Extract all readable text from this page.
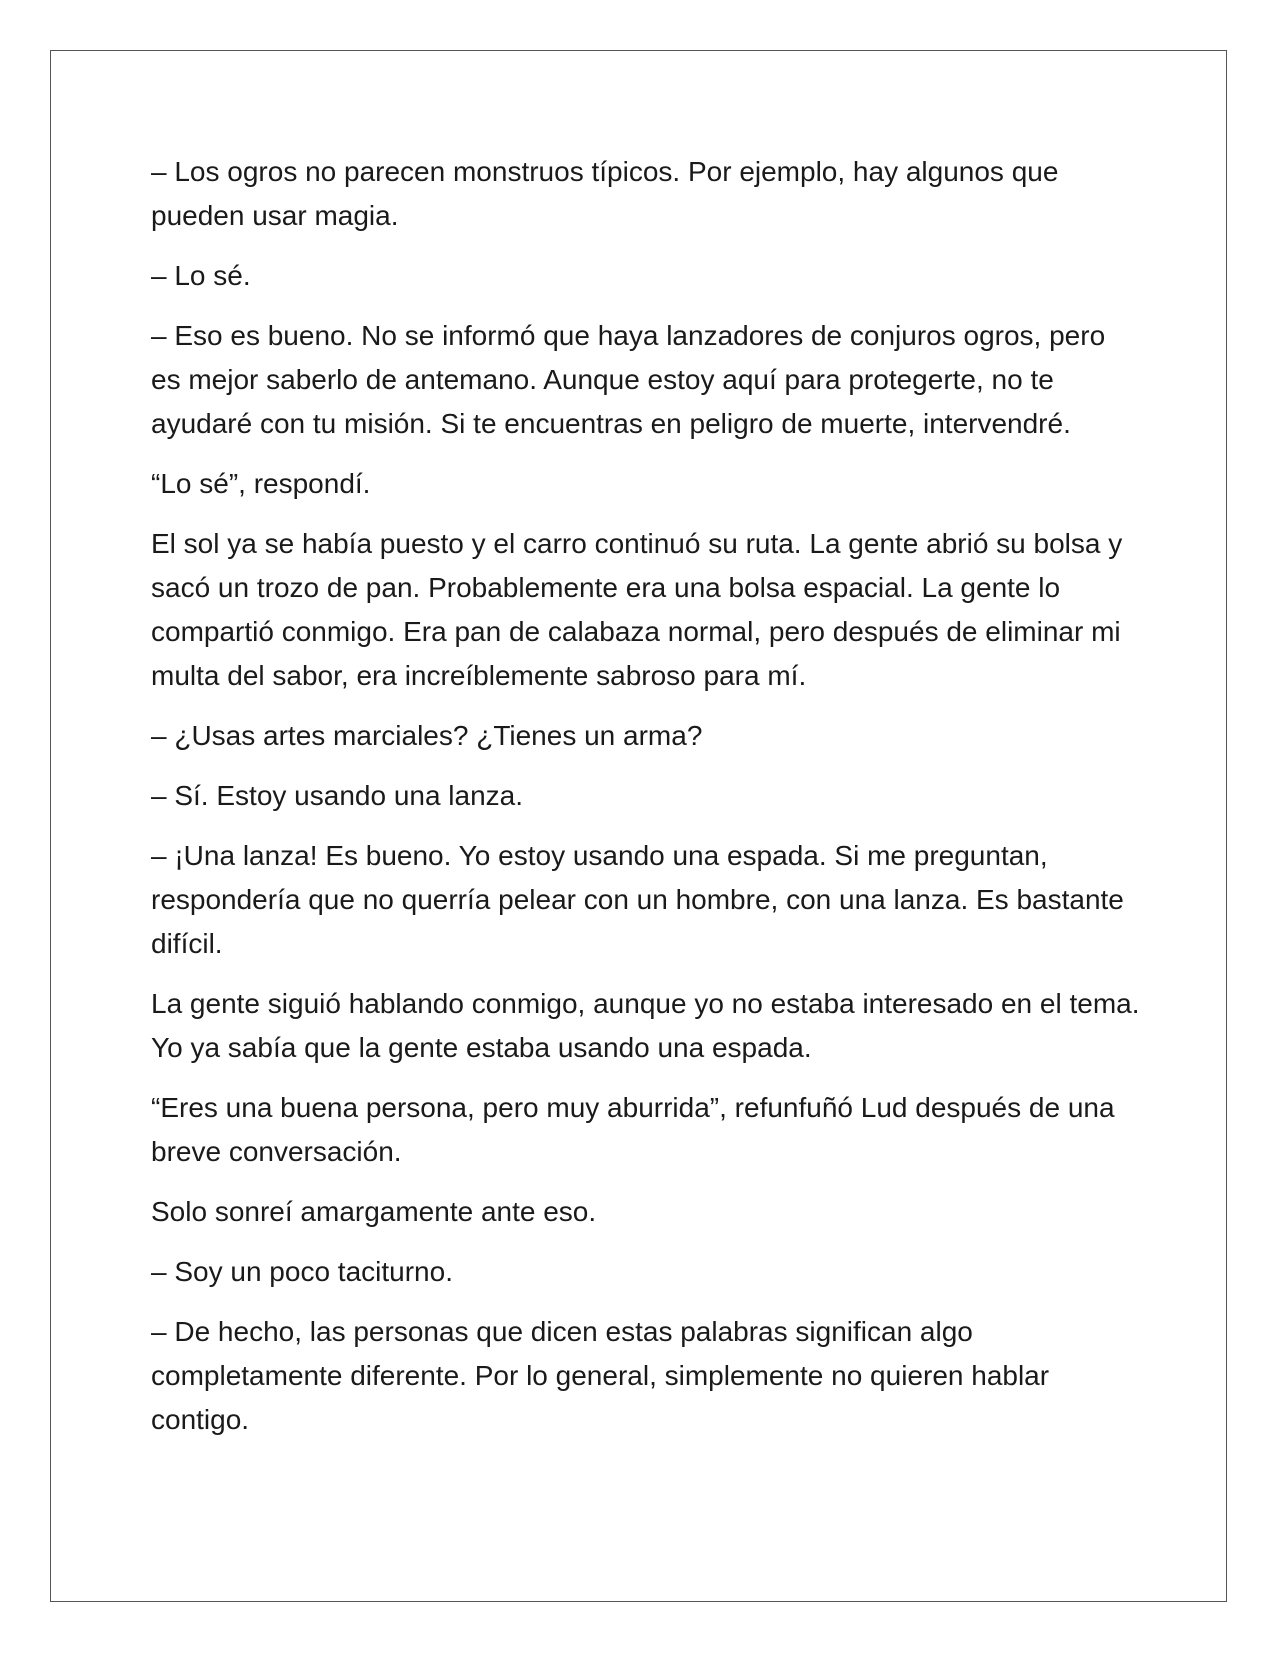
– Los ogros no parecen monstruos típicos. Por ejemplo, hay algunos que pueden usar magia.

– Lo sé.

– Eso es bueno. No se informó que haya lanzadores de conjuros ogros, pero es mejor saberlo de antemano. Aunque estoy aquí para protegerte, no te ayudaré con tu misión. Si te encuentras en peligro de muerte, intervendré.

“Lo sé”, respondí.

El sol ya se había puesto y el carro continuó su ruta. La gente abrió su bolsa y sacó un trozo de pan. Probablemente era una bolsa espacial. La gente lo compartió conmigo. Era pan de calabaza normal, pero después de eliminar mi multa del sabor, era increíblemente sabroso para mí.

– ¿Usas artes marciales? ¿Tienes un arma?

– Sí. Estoy usando una lanza.

– ¡Una lanza! Es bueno. Yo estoy usando una espada. Si me preguntan, respondería que no querría pelear con un hombre, con una lanza. Es bastante difícil.

La gente siguió hablando conmigo, aunque yo no estaba interesado en el tema. Yo ya sabía que la gente estaba usando una espada.

“Eres una buena persona, pero muy aburrida”, refunfuñó Lud después de una breve conversación.

Solo sonreí amargamente ante eso.

– Soy un poco taciturno.

– De hecho, las personas que dicen estas palabras significan algo completamente diferente. Por lo general, simplemente no quieren hablar contigo.
